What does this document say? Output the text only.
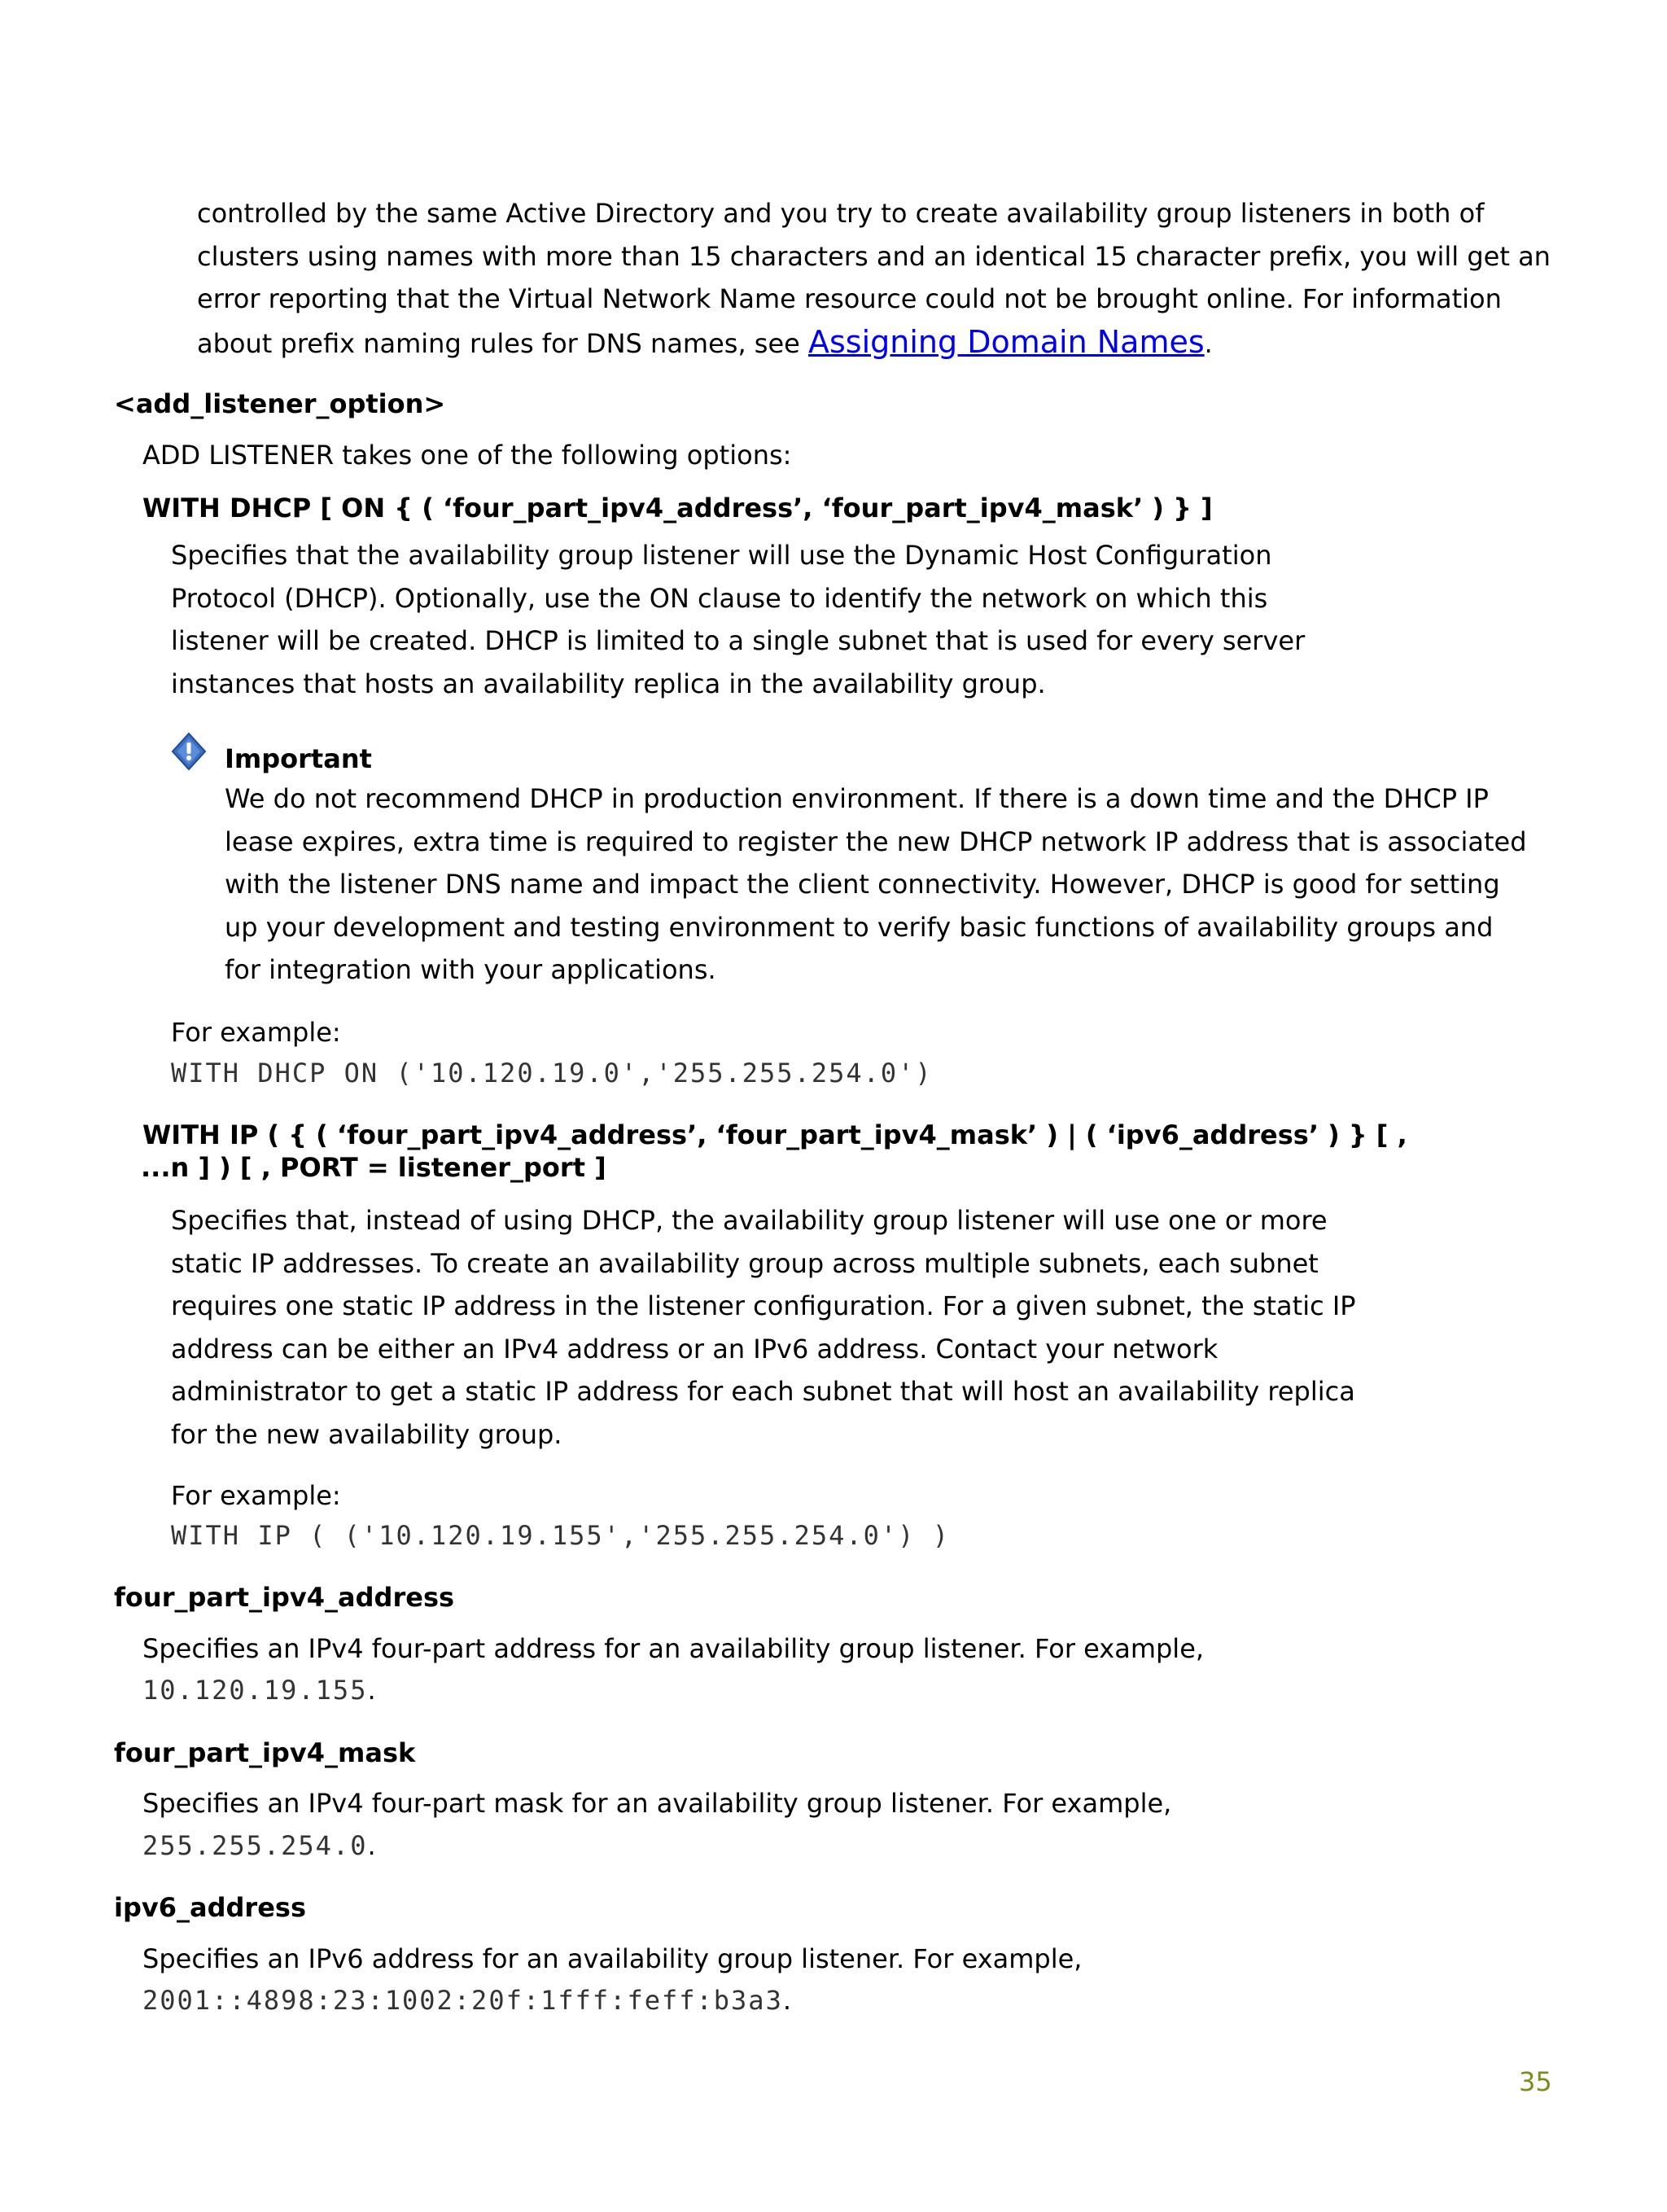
controlled by the same Active Directory and you try to create availability group listeners in both of
clusters using names with more than 15 characters and an identical 15 character prefix, you will get an
error reporting that the Virtual Network Name resource could not be brought online. For information
about prefix naming rules for DNS names, see Assigning Domain Names.
<add_listener_option>
ADD LISTENER takes one of the following options:
WITH DHCP [ ON { ( ‘four_part_ipv4_address’, ‘four_part_ipv4_mask’ ) } ]
Specifies that the availability group listener will use the Dynamic Host Configuration
Protocol (DHCP). Optionally, use the ON clause to identify the network on which this
listener will be created. DHCP is limited to a single subnet that is used for every server
instances that hosts an availability replica in the availability group.
Important
We do not recommend DHCP in production environment. If there is a down time and the DHCP IP
lease expires, extra time is required to register the new DHCP network IP address that is associated
with the listener DNS name and impact the client connectivity. However, DHCP is good for setting
up your development and testing environment to verify basic functions of availability groups and
for integration with your applications.
For example:
WITH DHCP ON ('10.120.19.0','255.255.254.0')
WITH IP ( { ( ‘four_part_ipv4_address’, ‘four_part_ipv4_mask’ ) | ( ‘ipv6_address’ ) } [ ,
...n ] ) [ , PORT = listener_port ]
Specifies that, instead of using DHCP, the availability group listener will use one or more
static IP addresses. To create an availability group across multiple subnets, each subnet
requires one static IP address in the listener configuration. For a given subnet, the static IP
address can be either an IPv4 address or an IPv6 address. Contact your network
administrator to get a static IP address for each subnet that will host an availability replica
for the new availability group.
For example:
WITH IP ( ('10.120.19.155','255.255.254.0') )
four_part_ipv4_address
Specifies an IPv4 four-part address for an availability group listener. For example,
10.120.19.155.
four_part_ipv4_mask
Specifies an IPv4 four-part mask for an availability group listener. For example,
255.255.254.0.
ipv6_address
Specifies an IPv6 address for an availability group listener. For example,
2001::4898:23:1002:20f:1fff:feff:b3a3.
35
